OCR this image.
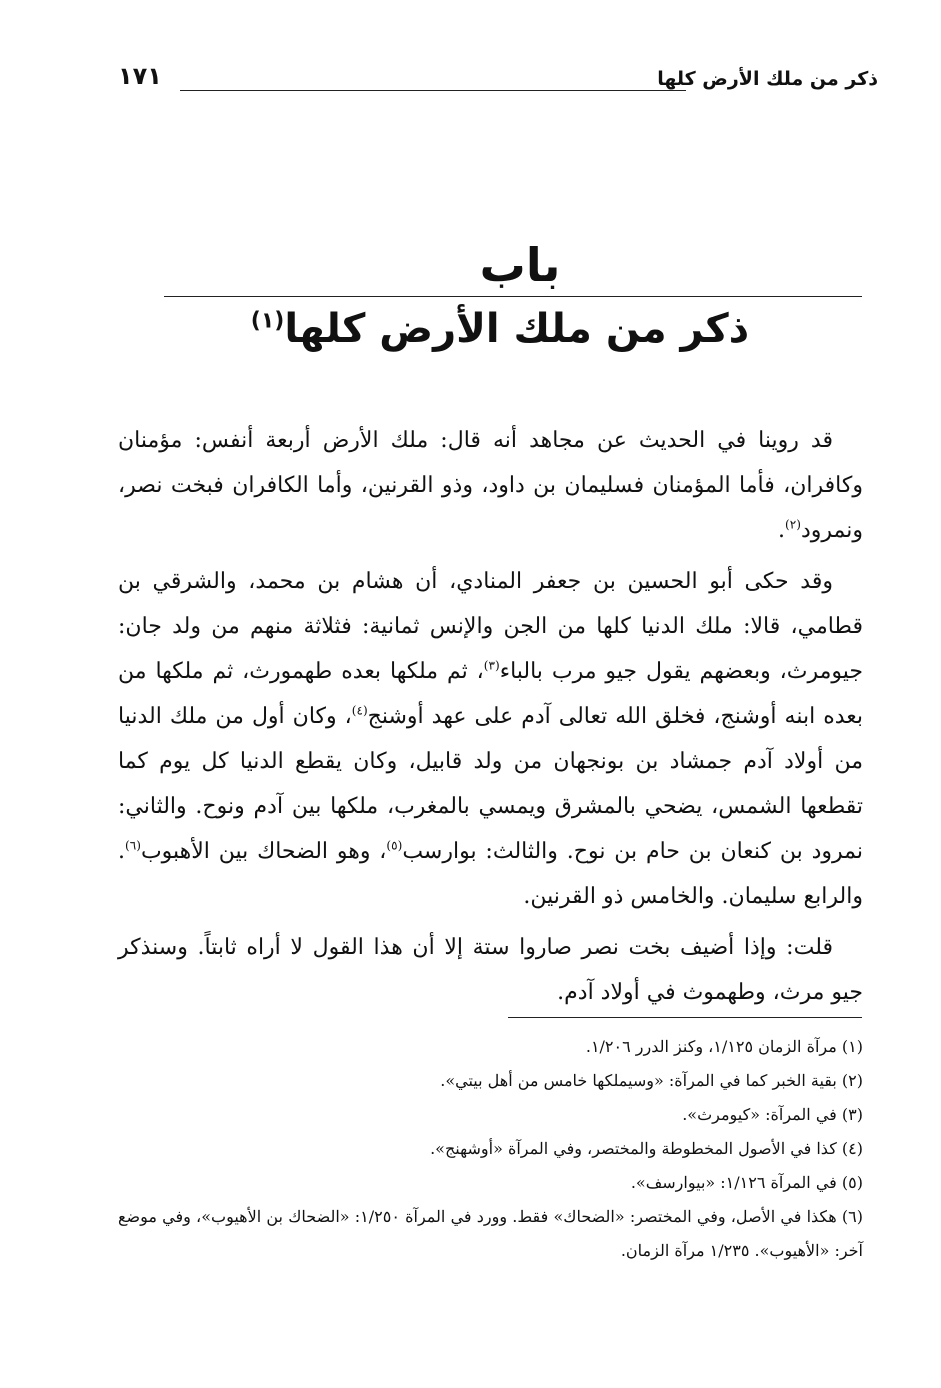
ذكر من ملك الأرض كلها
١٧١
باب
ذكر من ملك الأرض كلها$^{(١)}$

قد روينا في الحديث عن مجاهد أنه قال: ملك الأرض أربعة أنفس: مؤمنان وكافران، فأما المؤمنان فسليمان بن داود، وذو القرنين، وأما الكافران فبخت نصر، ونمرود$^{(٢)}$.

وقد حكى أبو الحسين بن جعفر المنادي، أن هشام بن محمد، والشرقي بن قطامي، قالا: ملك الدنيا كلها من الجن والإنس ثمانية: فثلاثة منهم من ولد جان: جيومرث، وبعضهم يقول جيو مرب بالباء$^{(٣)}$، ثم ملكها بعده طهمورث، ثم ملكها من بعده ابنه أوشنج، فخلق الله تعالى آدم على عهد أوشنج$^{(٤)}$، وكان أول من ملك الدنيا من أولاد آدم جمشاد بن بونجهان من ولد قابيل، وكان يقطع الدنيا كل يوم كما تقطعها الشمس، يضحي بالمشرق ويمسي بالمغرب، ملكها بين آدم ونوح. والثاني: نمرود بن كنعان بن حام بن نوح. والثالث: بوارسب$^{(٥)}$، وهو الضحاك بين الأهبوب$^{(٦)}$. والرابع سليمان. والخامس ذو القرنين.

قلت: وإذا أضيف بخت نصر صاروا ستة إلا أن هذا القول لا أراه ثابتاً. وسنذكر جيو مرث، وطهموث في أولاد آدم.

(١) مرآة الزمان ١/١٢٥، وكنز الدرر ١/٢٠٦.

(٢) بقية الخبر كما في المرآة: «وسيملكها خامس من أهل بيتي».

(٣) في المرآة: «كيومرث».

(٤) كذا في الأصول المخطوطة والمختصر، وفي المرآة «أوشهنج».

(٥) في المرآة ١/١٢٦: «بيوارسف».

(٦) هكذا في الأصل، وفي المختصر: «الضحاك» فقط. وورد في المرآة ١/٢٥٠: «الضحاك بن الأهيوب»، وفي موضع آخر: «الأهيوب». ١/٢٣٥ مرآة الزمان.
